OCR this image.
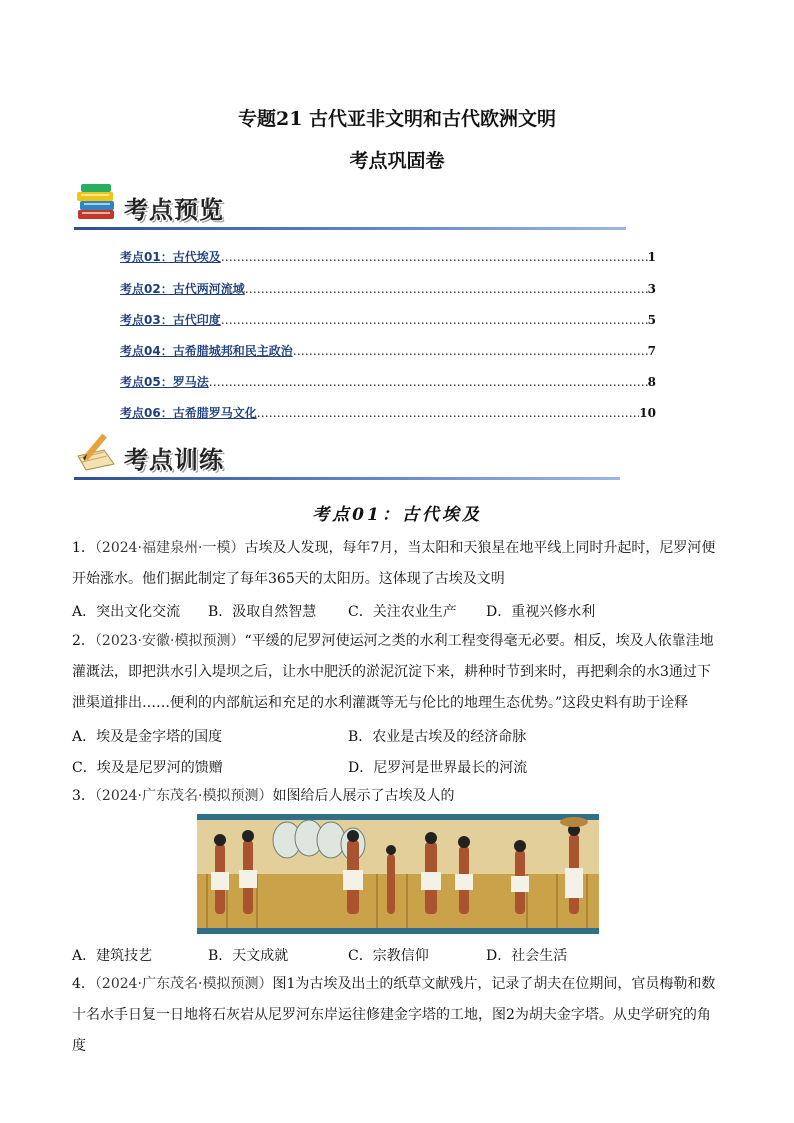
专题21 古代亚非文明和古代欧洲文明
考点巩固卷
考点预览
考点01：古代埃及 ……………………………………………………………………………………………………………………………………………………	1
考点02：古代两河流域 ……………………………………………………………………………………………………………………………………………………	3
考点03：古代印度 ……………………………………………………………………………………………………………………………………………………	5
考点04：古希腊城邦和民主政治 ……………………………………………………………………………………………………………………………………………………	7
考点05：罗马法 ……………………………………………………………………………………………………………………………………………………	8
考点06：古希腊罗马文化 ……………………………………………………………………………………………………………………………………………………	10
考点训练
考点01：古代埃及
1．（2024·福建泉州·一模）古埃及人发现，每年7月，当太阳和天狼星在地平线上同时升起时，尼罗河便开始涨水。他们据此制定了每年365天的太阳历。这体现了古埃及文明
A．突出文化交流 B．汲取自然智慧 C．关注农业生产 D．重视兴修水利
2．（2023·安徽·模拟预测）“平缓的尼罗河使运河之类的水利工程变得毫无必要。相反，埃及人依靠洼地灌溉法，即把洪水引入堤坝之后，让水中肥沃的淤泥沉淀下来，耕种时节到来时，再把剩余的水3通过下泄渠道排出……便利的内部航运和充足的水利灌溉等无与伦比的地理生态优势。”这段史料有助于诠释
A．埃及是金字塔的国度	B．农业是古埃及的经济命脉
C．埃及是尼罗河的馈赠	D．尼罗河是世界最长的河流
3．（2024·广东茂名·模拟预测）如图给后人展示了古埃及人的
A．建筑技艺	B．天文成就	C．宗教信仰	D．社会生活
4．（2024·广东茂名·模拟预测）图1为古埃及出土的纸草文献残片，记录了胡夫在位期间，官员梅勒和数十名水手日复一日地将石灰岩从尼罗河东岸运往修建金字塔的工地，图2为胡夫金字塔。从史学研究的角度
